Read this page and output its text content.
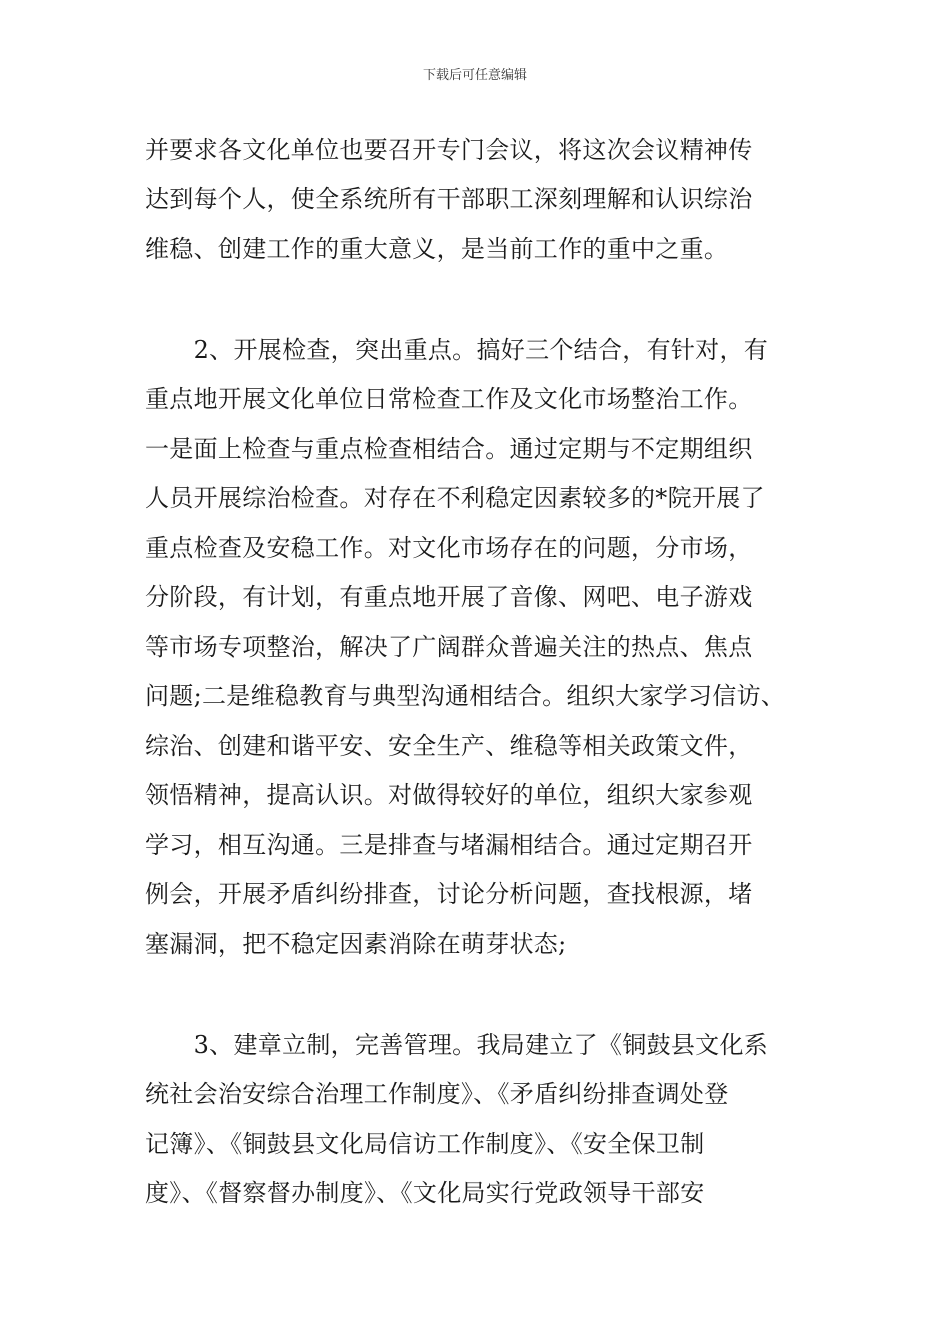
下载后可任意编辑
并要求各文化单位也要召开专门会议，将这次会议精神传
达到每个人，使全系统所有干部职工深刻理解和认识综治
维稳、创建工作的重大意义，是当前工作的重中之重。
　　2、开展检查，突出重点。搞好三个结合，有针对，有
重点地开展文化单位日常检查工作及文化市场整治工作。
一是面上检查与重点检查相结合。通过定期与不定期组织
人员开展综治检查。对存在不利稳定因素较多的*院开展了
重点检查及安稳工作。对文化市场存在的问题，分市场，
分阶段，有计划，有重点地开展了音像、网吧、电子游戏
等市场专项整治，解决了广阔群众普遍关注的热点、焦点
问题;二是维稳教育与典型沟通相结合。组织大家学习信访、
综治、创建和谐平安、安全生产、维稳等相关政策文件，
领悟精神，提高认识。对做得较好的单位，组织大家参观
学习，相互沟通。三是排查与堵漏相结合。通过定期召开
例会，开展矛盾纠纷排查，讨论分析问题，查找根源，堵
塞漏洞，把不稳定因素消除在萌芽状态;
　　3、建章立制，完善管理。我局建立了《铜鼓县文化系
统社会治安综合治理工作制度》、《矛盾纠纷排查调处登
记簿》、《铜鼓县文化局信访工作制度》、《安全保卫制
度》、《督察督办制度》、《文化局实行党政领导干部安
